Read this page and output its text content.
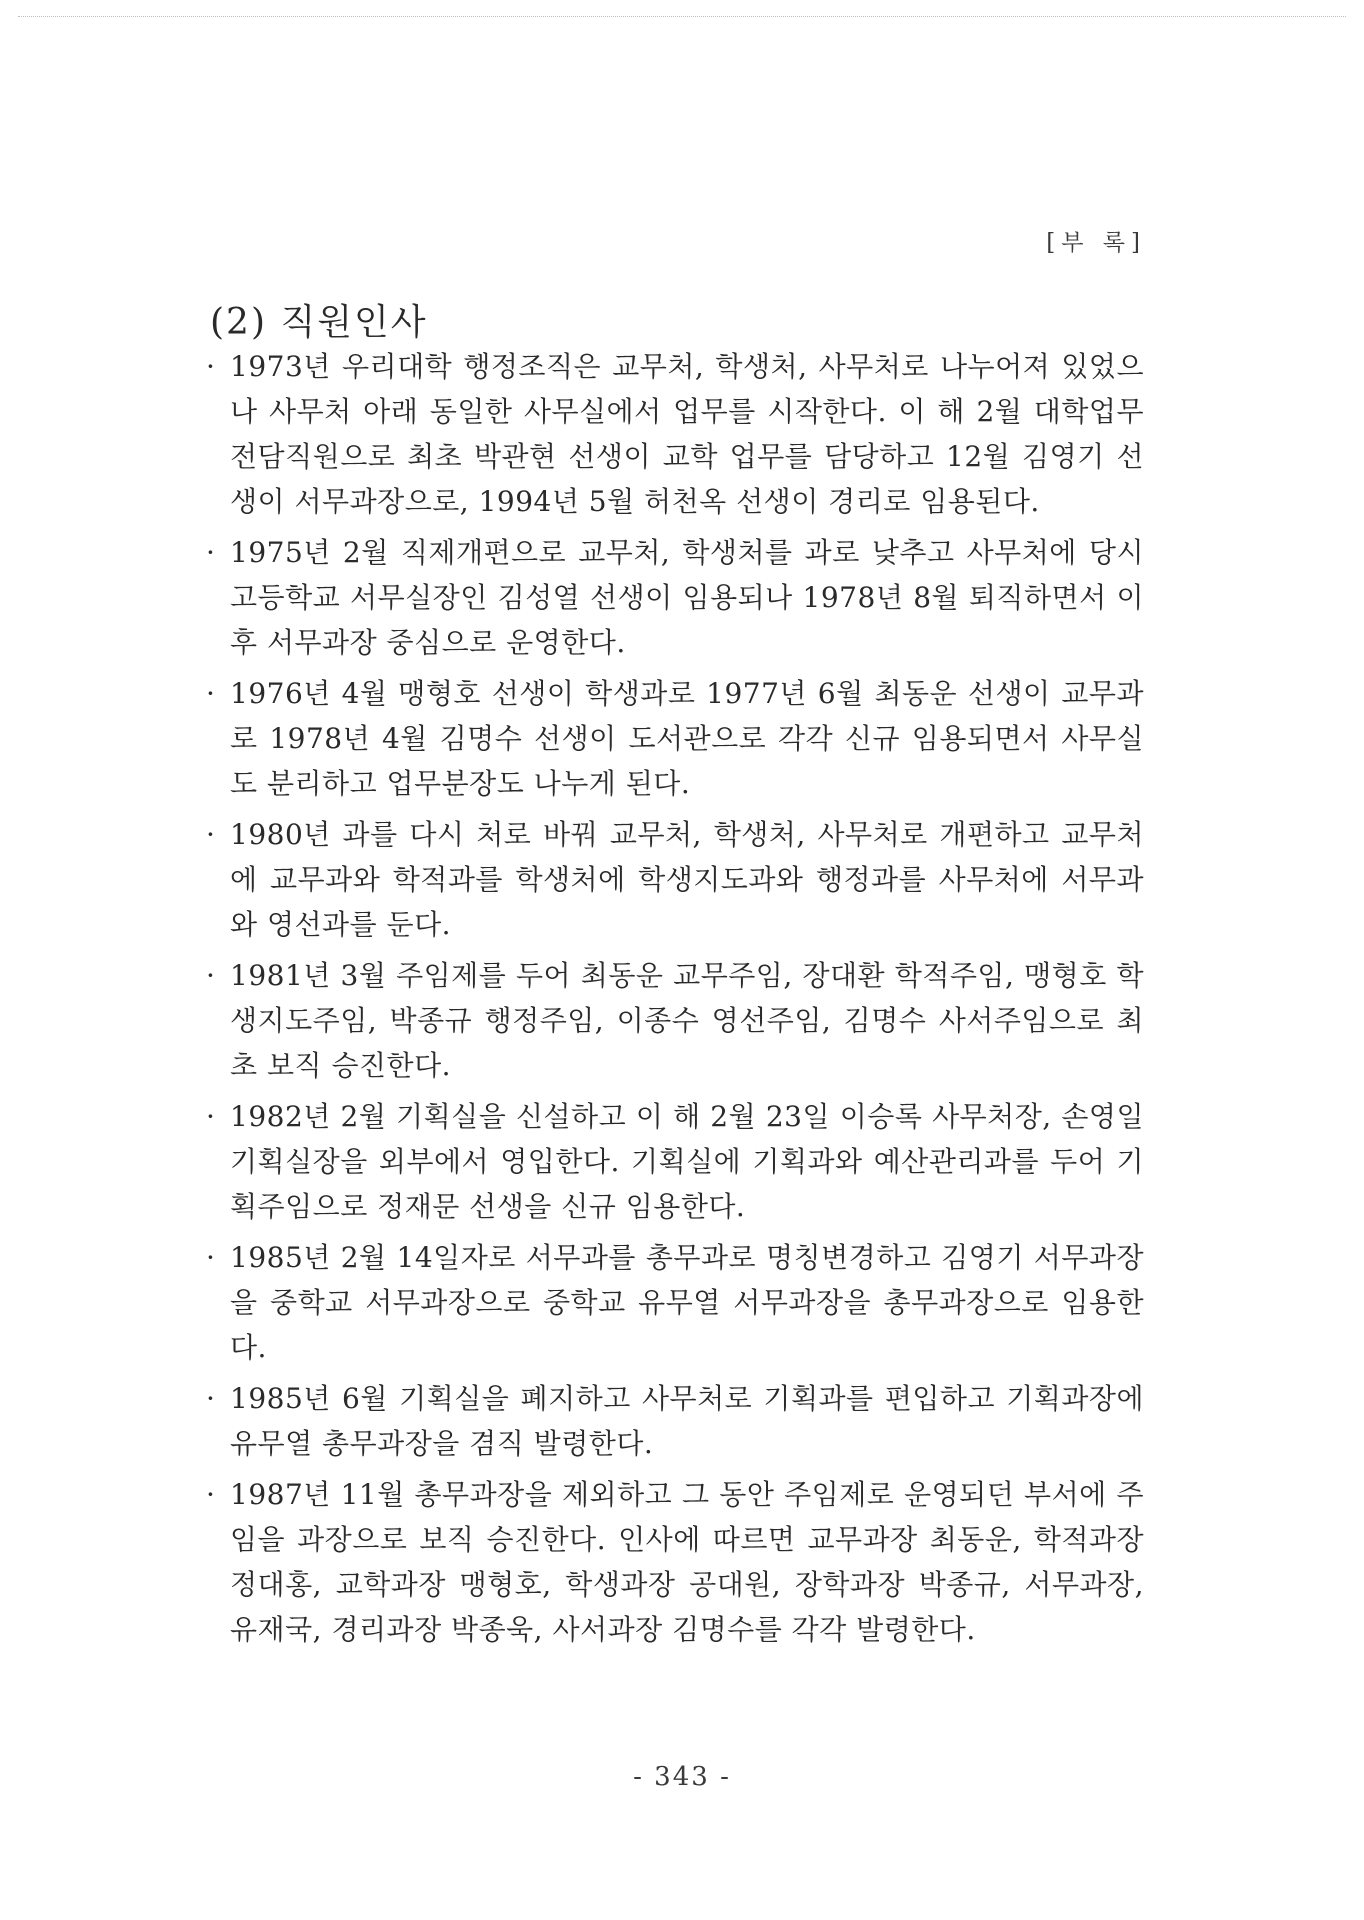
[부 록]
(2) 직원인사
· 1973년 우리대학 행정조직은 교무처, 학생처, 사무처로 나누어져 있었으나 사무처 아래 동일한 사무실에서 업무를 시작한다. 이 해 2월 대학업무 전담직원으로 최초 박관현 선생이 교학 업무를 담당하고 12월 김영기 선생이 서무과장으로, 1994년 5월 허천옥 선생이 경리로 임용된다.
· 1975년 2월 직제개편으로 교무처, 학생처를 과로 낮추고 사무처에 당시 고등학교 서무실장인 김성열 선생이 임용되나 1978년 8월 퇴직하면서 이후 서무과장 중심으로 운영한다.
· 1976년 4월 맹형호 선생이 학생과로 1977년 6월 최동운 선생이 교무과로 1978년 4월 김명수 선생이 도서관으로 각각 신규 임용되면서 사무실도 분리하고 업무분장도 나누게 된다.
· 1980년 과를 다시 처로 바꿔 교무처, 학생처, 사무처로 개편하고 교무처에 교무과와 학적과를 학생처에 학생지도과와 행정과를 사무처에 서무과와 영선과를 둔다.
· 1981년 3월 주임제를 두어 최동운 교무주임, 장대환 학적주임, 맹형호 학생지도주임, 박종규 행정주임, 이종수 영선주임, 김명수 사서주임으로 최초 보직 승진한다.
· 1982년 2월 기획실을 신설하고 이 해 2월 23일 이승록 사무처장, 손영일 기획실장을 외부에서 영입한다. 기획실에 기획과와 예산관리과를 두어 기획주임으로 정재문 선생을 신규 임용한다.
· 1985년 2월 14일자로 서무과를 총무과로 명칭변경하고 김영기 서무과장을 중학교 서무과장으로 중학교 유무열 서무과장을 총무과장으로 임용한다.
· 1985년 6월 기획실을 폐지하고 사무처로 기획과를 편입하고 기획과장에 유무열 총무과장을 겸직 발령한다.
· 1987년 11월 총무과장을 제외하고 그 동안 주임제로 운영되던 부서에 주임을 과장으로 보직 승진한다. 인사에 따르면 교무과장 최동운, 학적과장 정대홍, 교학과장 맹형호, 학생과장 공대원, 장학과장 박종규, 서무과장, 유재국, 경리과장 박종욱, 사서과장 김명수를 각각 발령한다.
- 343 -
